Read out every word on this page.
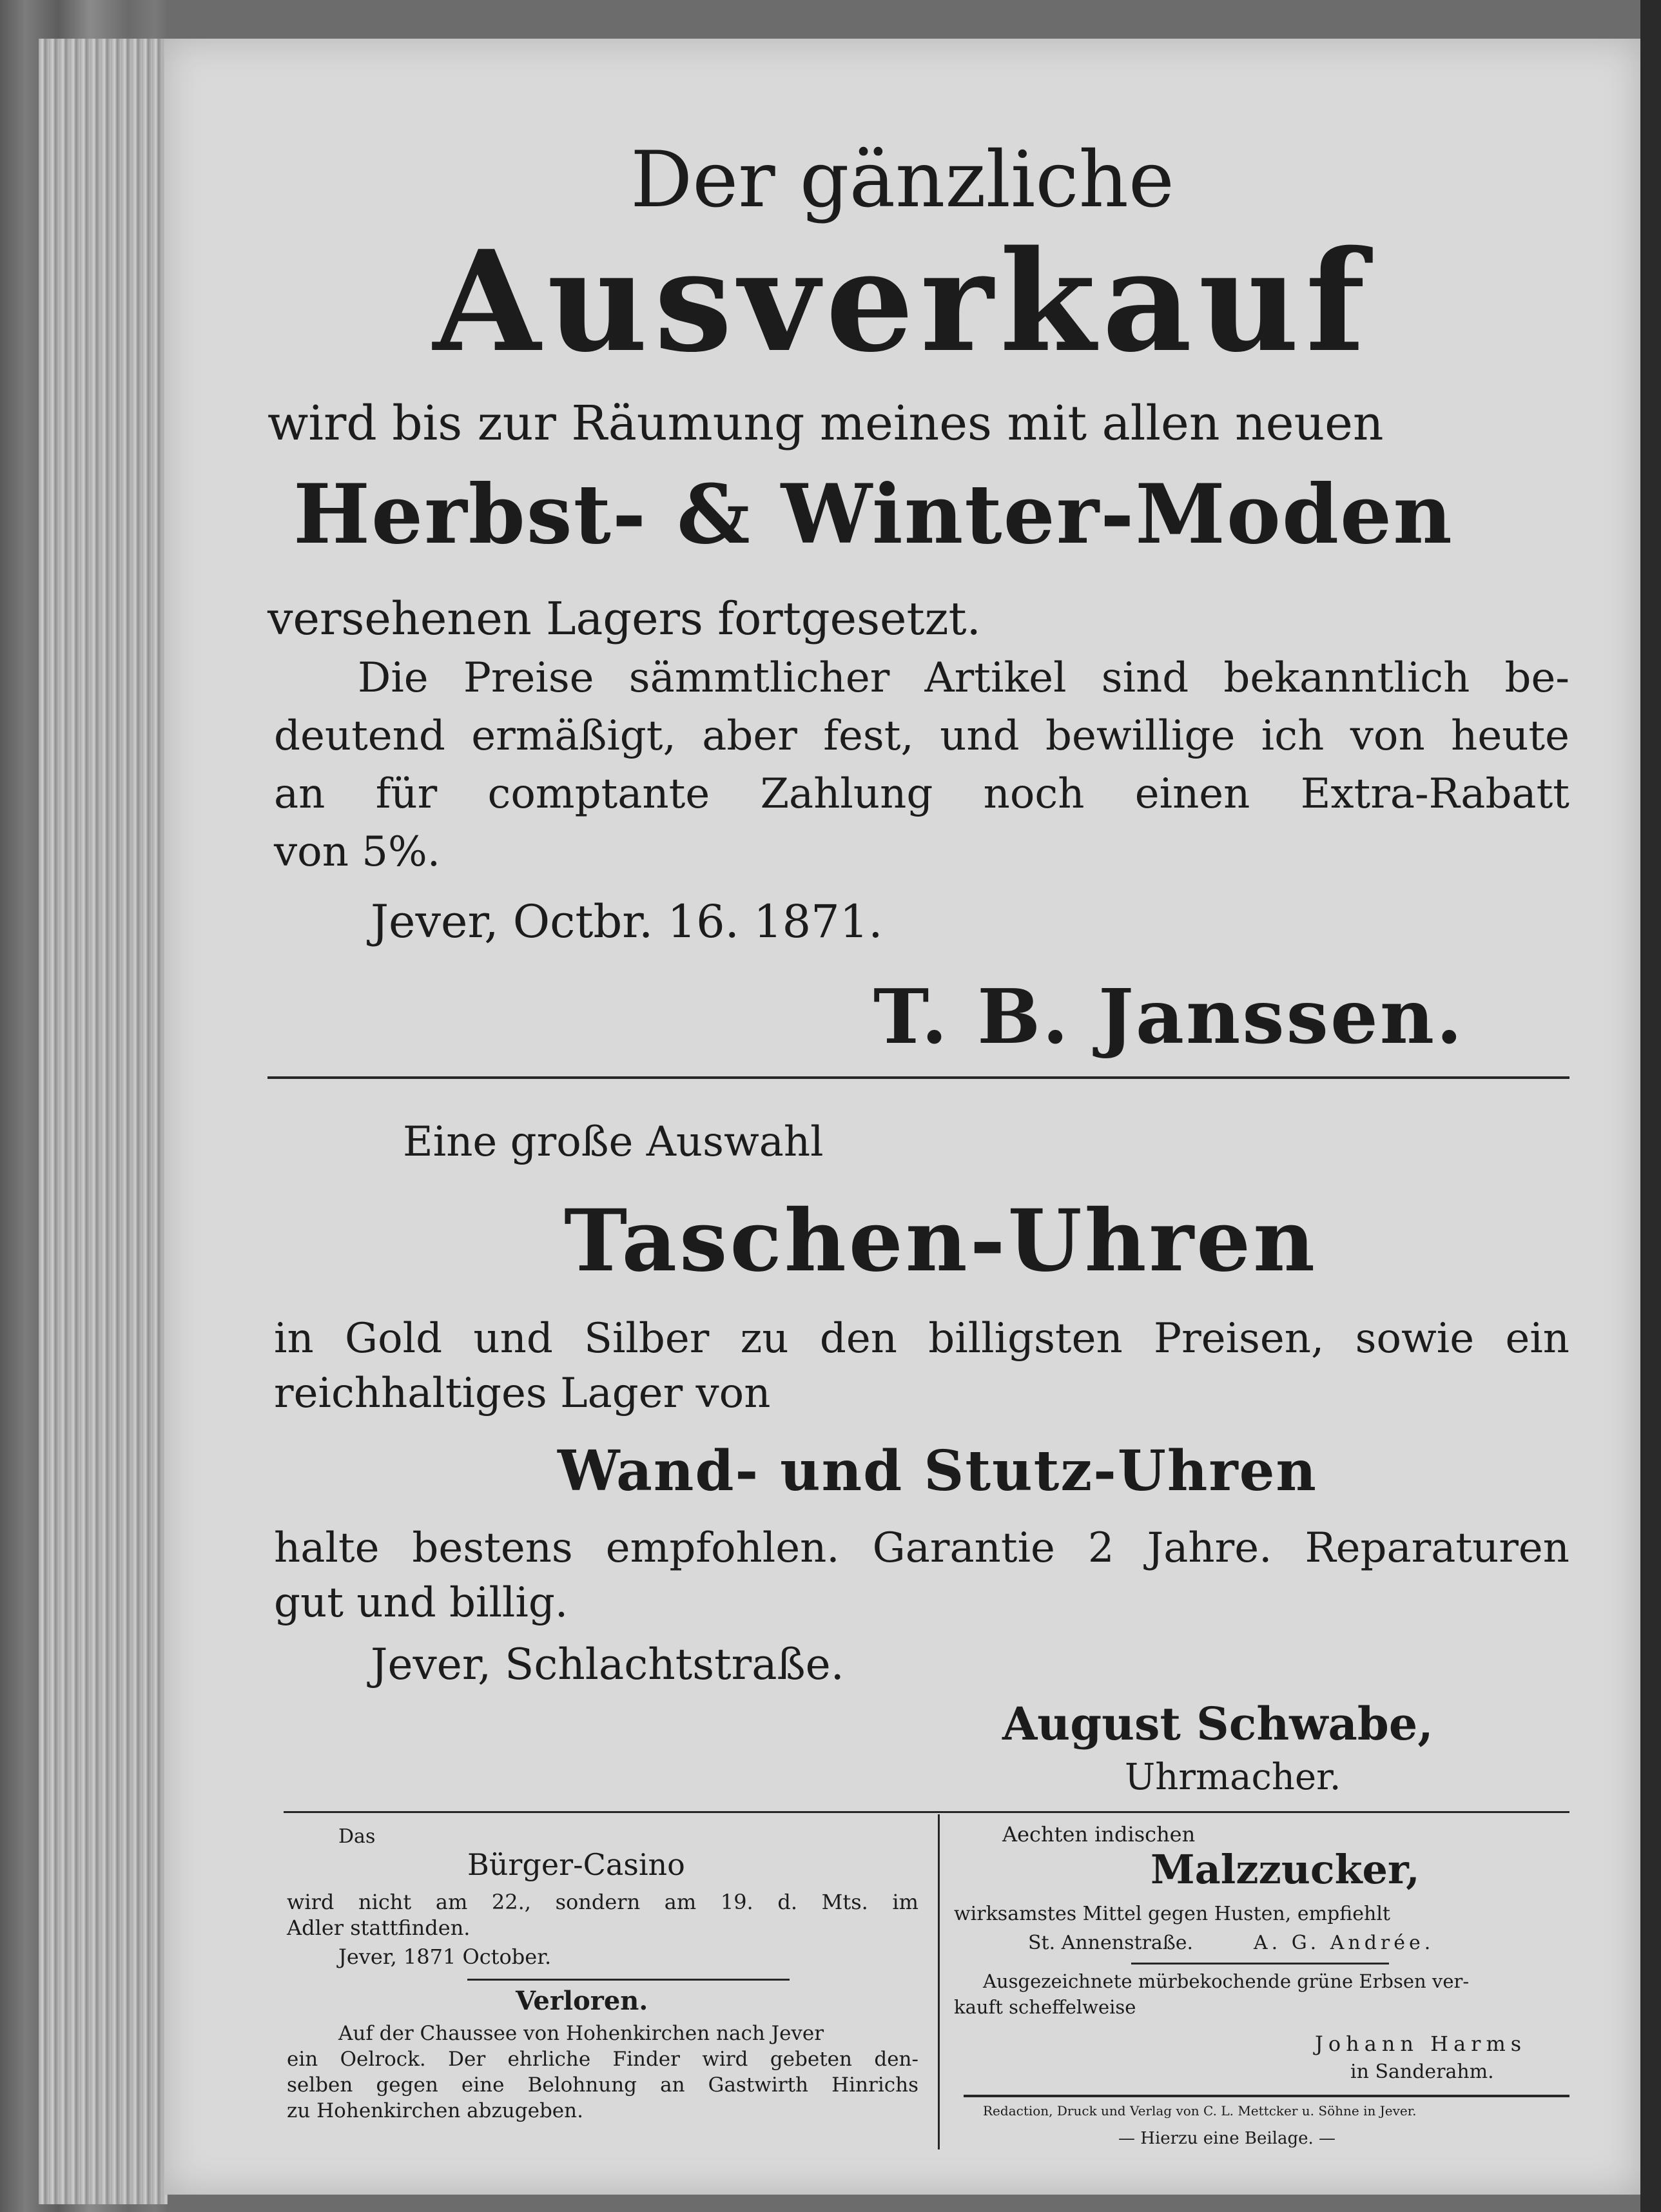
Der gänzliche
Ausverkauf
wird bis zur Räumung meines mit allen neuen
Herbst- & Winter-Moden
versehenen Lagers fortgesetzt.
Die Preise sämmtlicher Artikel sind bekanntlich be-
deutend ermäßigt, aber fest, und bewillige ich von heute
an für comptante Zahlung noch einen Extra-Rabatt
von 5%.
Jever, Octbr. 16. 1871.
T. B. Janssen.
Eine große Auswahl
Taschen-Uhren
in Gold und Silber zu den billigsten Preisen, sowie ein
reichhaltiges Lager von
Wand- und Stutz-Uhren
halte bestens empfohlen. Garantie 2 Jahre. Reparaturen
gut und billig.
Jever, Schlachtstraße.
August Schwabe,
Uhrmacher.
Das
Bürger-Casino
wird nicht am 22., sondern am 19. d. Mts. im
Adler stattfinden.
Jever, 1871 October.
Verloren.
Auf der Chaussee von Hohenkirchen nach Jever
ein Oelrock. Der ehrliche Finder wird gebeten den-
selben gegen eine Belohnung an Gastwirth Hinrichs
zu Hohenkirchen abzugeben.
Aechten indischen
Malzzucker,
wirksamstes Mittel gegen Husten, empfiehlt
St. Annenstraße.	A. G. Andrée.
Ausgezeichnete mürbekochende grüne Erbsen ver-
kauft scheffelweise
Johann Harms
in Sanderahm.
Redaction, Druck und Verlag von C. L. Mettcker u. Söhne in Jever.
— Hierzu eine Beilage. —
